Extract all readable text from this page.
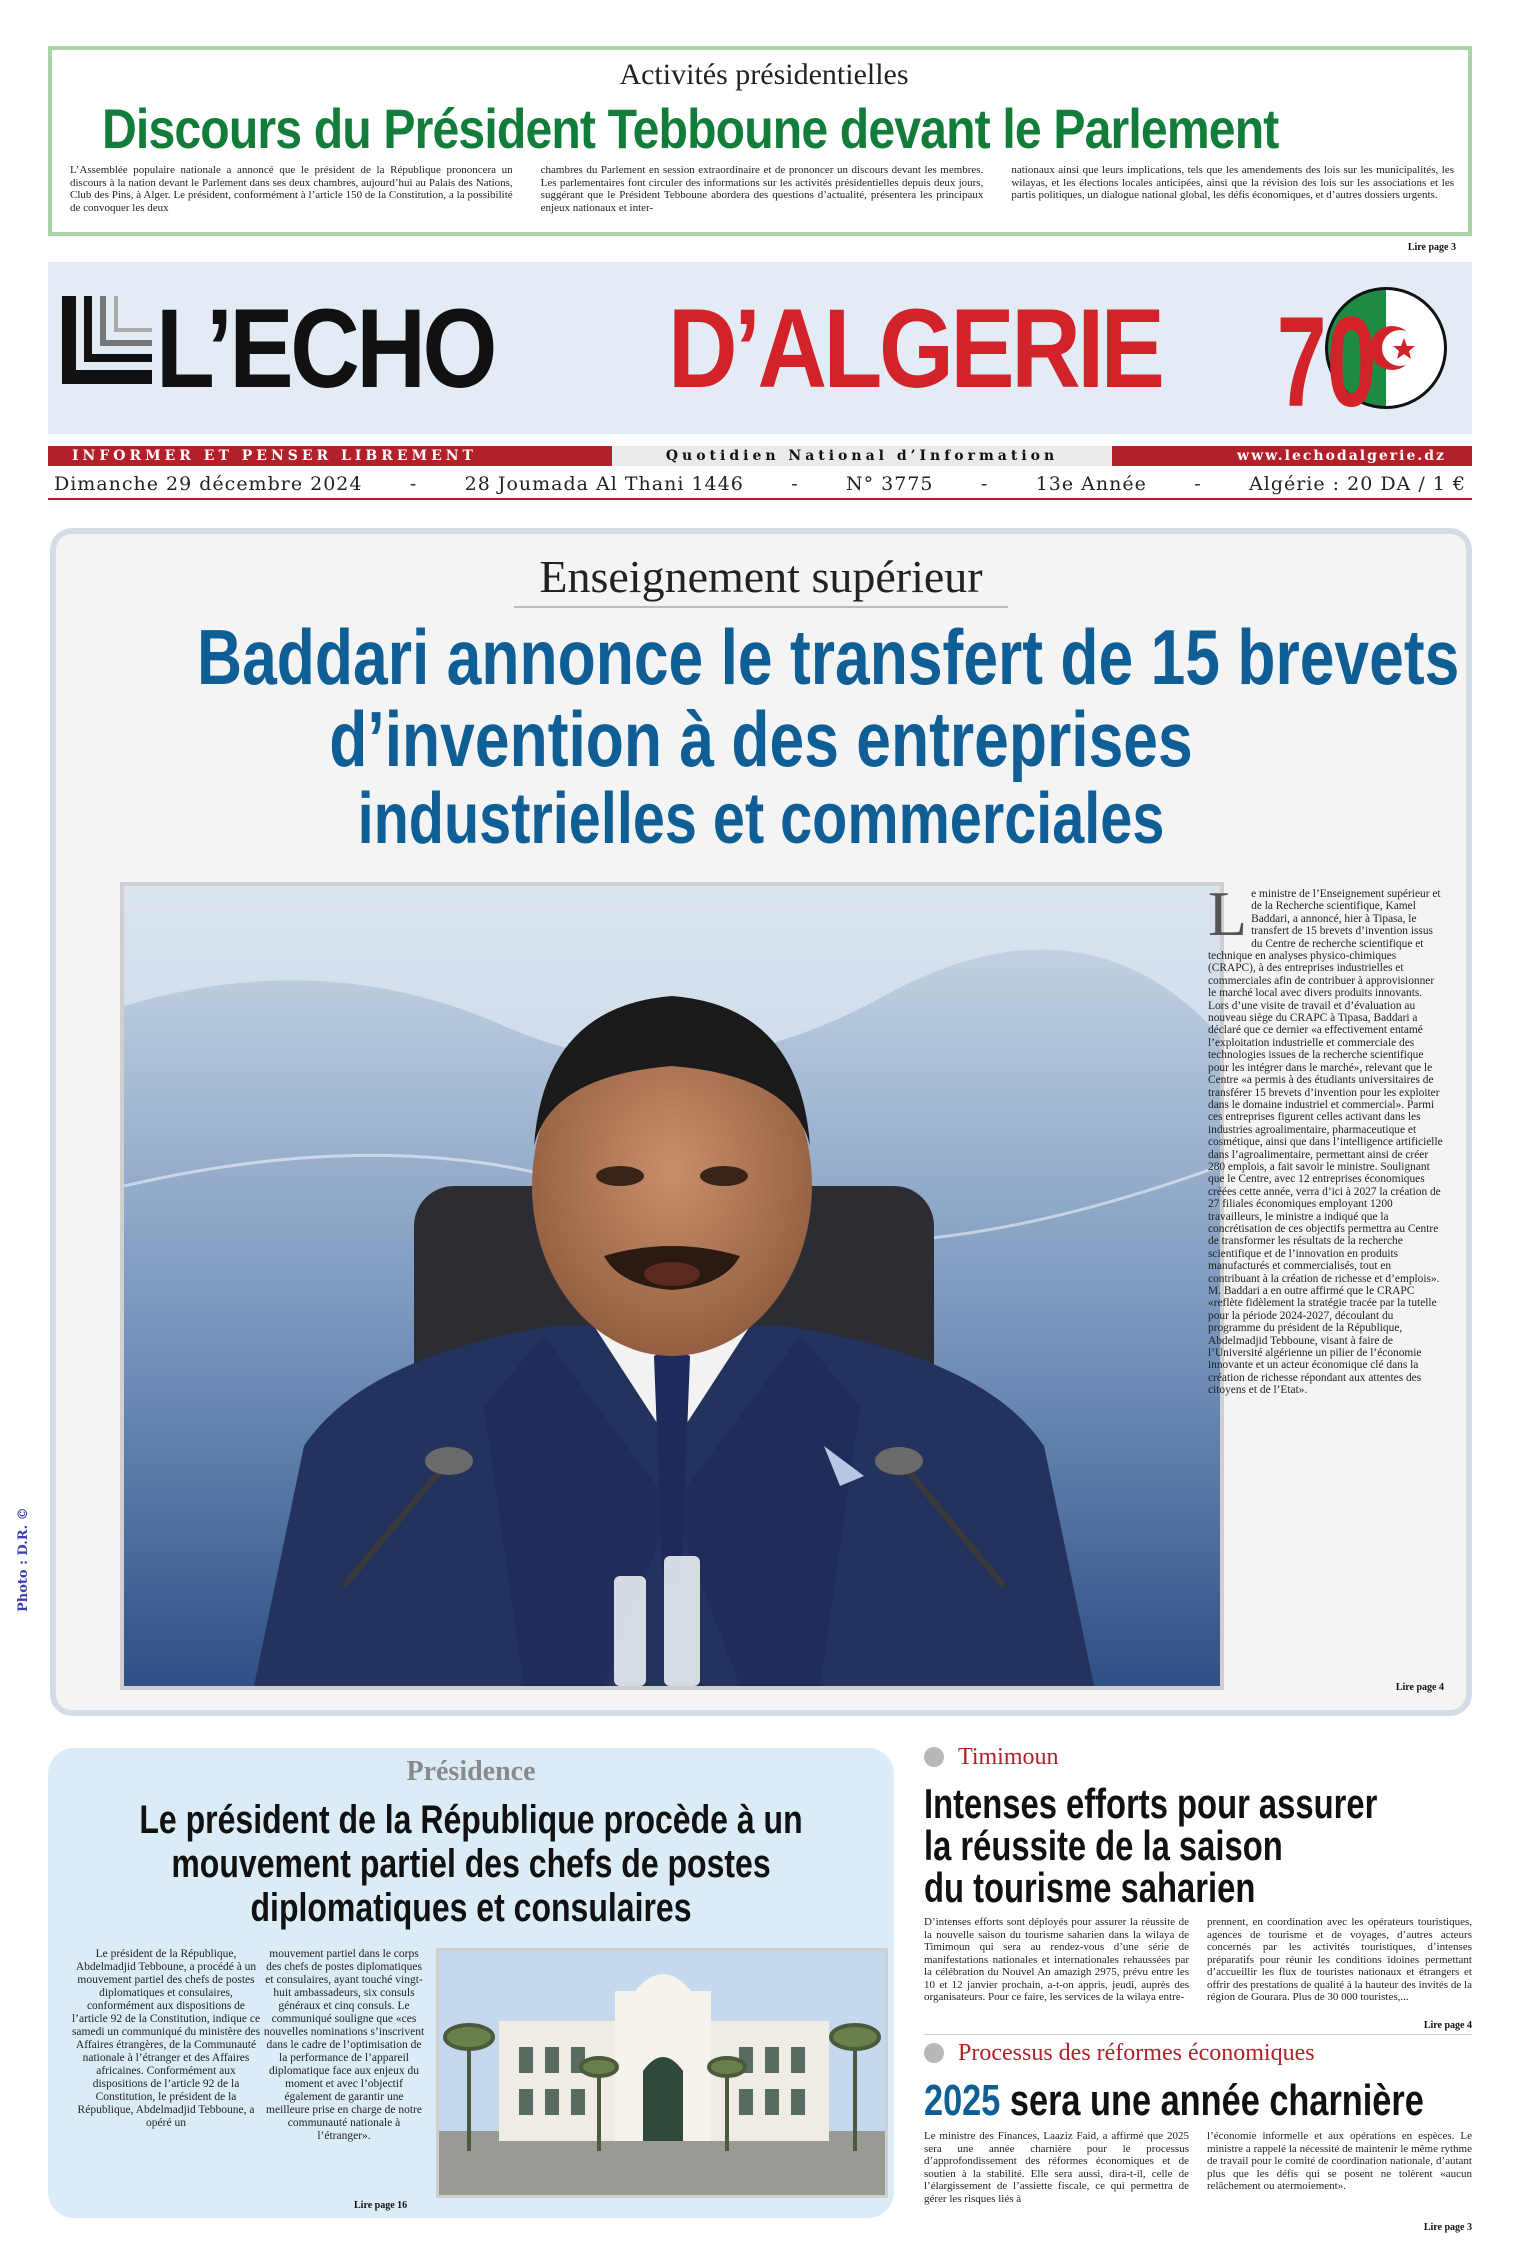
Activités présidentielles
Discours du Président Tebboune devant le Parlement
L’Assemblée populaire nationale a annoncé que le président de la République prononcera un discours à la nation devant le Parlement dans ses deux chambres, aujourd’hui au Palais des Nations, Club des Pins, à Alger. Le président, conformément à l’article 150 de la Constitution, a la possibilité de convoquer les deux
chambres du Parlement en session extraordinaire et de prononcer un discours devant les membres. Les parlementaires font circuler des informations sur les activités présidentielles depuis deux jours, suggérant que le Président Tebboune abordera des questions d’actualité, présentera les principaux enjeux nationaux et inter-
nationaux ainsi que leurs implications, tels que les amendements des lois sur les municipalités, les wilayas, et les élections locales anticipées, ainsi que la révision des lois sur les associations et les partis politiques, un dialogue national global, les défis économiques, et d’autres dossiers urgents.
Lire page 3
L’ECHO D’ALGERIE 70
INFORMER ET PENSER LIBREMENT	Quotidien National d’Information	www.lechodalgerie.dz
Dimanche 29 décembre 2024 - 28 Joumada Al Thani 1446 - N° 3775 - 13e Année - Algérie : 20 DA / 1 €
Enseignement supérieur
Baddari annonce le transfert de 15 brevets
d’invention à des entreprises
industrielles et commerciales
Le ministre de l’Enseignement supérieur et de la Recherche scientifique, Kamel Baddari, a annoncé, hier à Tipasa, le transfert de 15 brevets d’invention issus du Centre de recherche scientifique et technique en analyses physico-chimiques (CRAPC), à des entreprises industrielles et commerciales afin de contribuer à approvisionner le marché local avec divers produits innovants. Lors d’une visite de travail et d’évaluation au nouveau siège du CRAPC à Tipasa, Baddari a déclaré que ce dernier «a effectivement entamé l’exploitation industrielle et commerciale des technologies issues de la recherche scientifique pour les intégrer dans le marché», relevant que le Centre «a permis à des étudiants universitaires de transférer 15 brevets d’invention pour les exploiter dans le domaine industriel et commercial». Parmi ces entreprises figurent celles activant dans les industries agroalimentaire, pharmaceutique et cosmétique, ainsi que dans l’intelligence artificielle dans l’agroalimentaire, permettant ainsi de créer 280 emplois, a fait savoir le ministre. Soulignant que le Centre, avec 12 entreprises économiques créées cette année, verra d’ici à 2027 la création de 27 filiales économiques employant 1200 travailleurs, le ministre a indiqué que la concrétisation de ces objectifs permettra au Centre de transformer les résultats de la recherche scientifique et de l’innovation en produits manufacturés et commercialisés, tout en contribuant à la création de richesse et d’emplois». M. Baddari a en outre affirmé que le CRAPC «reflète fidèlement la stratégie tracée par la tutelle pour la période 2024-2027, découlant du programme du président de la République, Abdelmadjid Tebboune, visant à faire de l’Université algérienne un pilier de l’économie innovante et un acteur économique clé dans la création de richesse répondant aux attentes des citoyens et de l’Etat».
Lire page 4
Photo : D.R. ©
Présidence
Le président de la République procède à un
mouvement partiel des chefs de postes
diplomatiques et consulaires
Le président de la République, Abdelmadjid Tebboune, a procédé à un mouvement partiel des chefs de postes diplomatiques et consulaires, conformément aux dispositions de l’article 92 de la Constitution, indique ce samedi un communiqué du ministère des Affaires étrangères, de la Communauté nationale à l’étranger et des Affaires africaines. Conformément aux dispositions de l’article 92 de la Constitution, le président de la République, Abdelmadjid Tebboune, a opéré un
mouvement partiel dans le corps des chefs de postes diplomatiques et consulaires, ayant touché vingt-huit ambassadeurs, six consuls généraux et cinq consuls. Le communiqué souligne que «ces nouvelles nominations s’inscrivent dans le cadre de l’optimisation de la performance de l’appareil diplomatique face aux enjeux du moment et avec l’objectif également de garantir une meilleure prise en charge de notre communauté nationale à l’étranger».
Lire page 16
Timimoun
Intenses efforts pour assurer
la réussite de la saison
du tourisme saharien
D’intenses efforts sont déployés pour assurer la réussite de la nouvelle saison du tourisme saharien dans la wilaya de Timimoun qui sera au rendez-vous d’une série de manifestations nationales et internationales rehaussées par la célébration du Nouvel An amazigh 2975, prévu entre les 10 et 12 janvier prochain, a-t-on appris, jeudi, auprès des organisateurs. Pour ce faire, les services de la wilaya entre-
prennent, en coordination avec les opérateurs touristiques, agences de tourisme et de voyages, d’autres acteurs concernés par les activités touristiques, d’intenses préparatifs pour réunir les conditions idoines permettant d’accueillir les flux de touristes nationaux et étrangers et offrir des prestations de qualité à la hauteur des invités de la région de Gourara. Plus de 30 000 touristes,...
Lire page 4
Processus des réformes économiques
2025 sera une année charnière
Le ministre des Finances, Laaziz Faid, a affirmé que 2025 sera une année charnière pour le processus d’approfondissement des réformes économiques et de soutien à la stabilité. Elle sera aussi, dira-t-il, celle de l’élargissement de l’assiette fiscale, ce qui permettra de gérer les risques liés à
l’économie informelle et aux opérations en espèces. Le ministre a rappelé la nécessité de maintenir le même rythme de travail pour le comité de coordination nationale, d’autant plus que les défis qui se posent ne tolèrent «aucun relâchement ou atermoiement».
Lire page 3
